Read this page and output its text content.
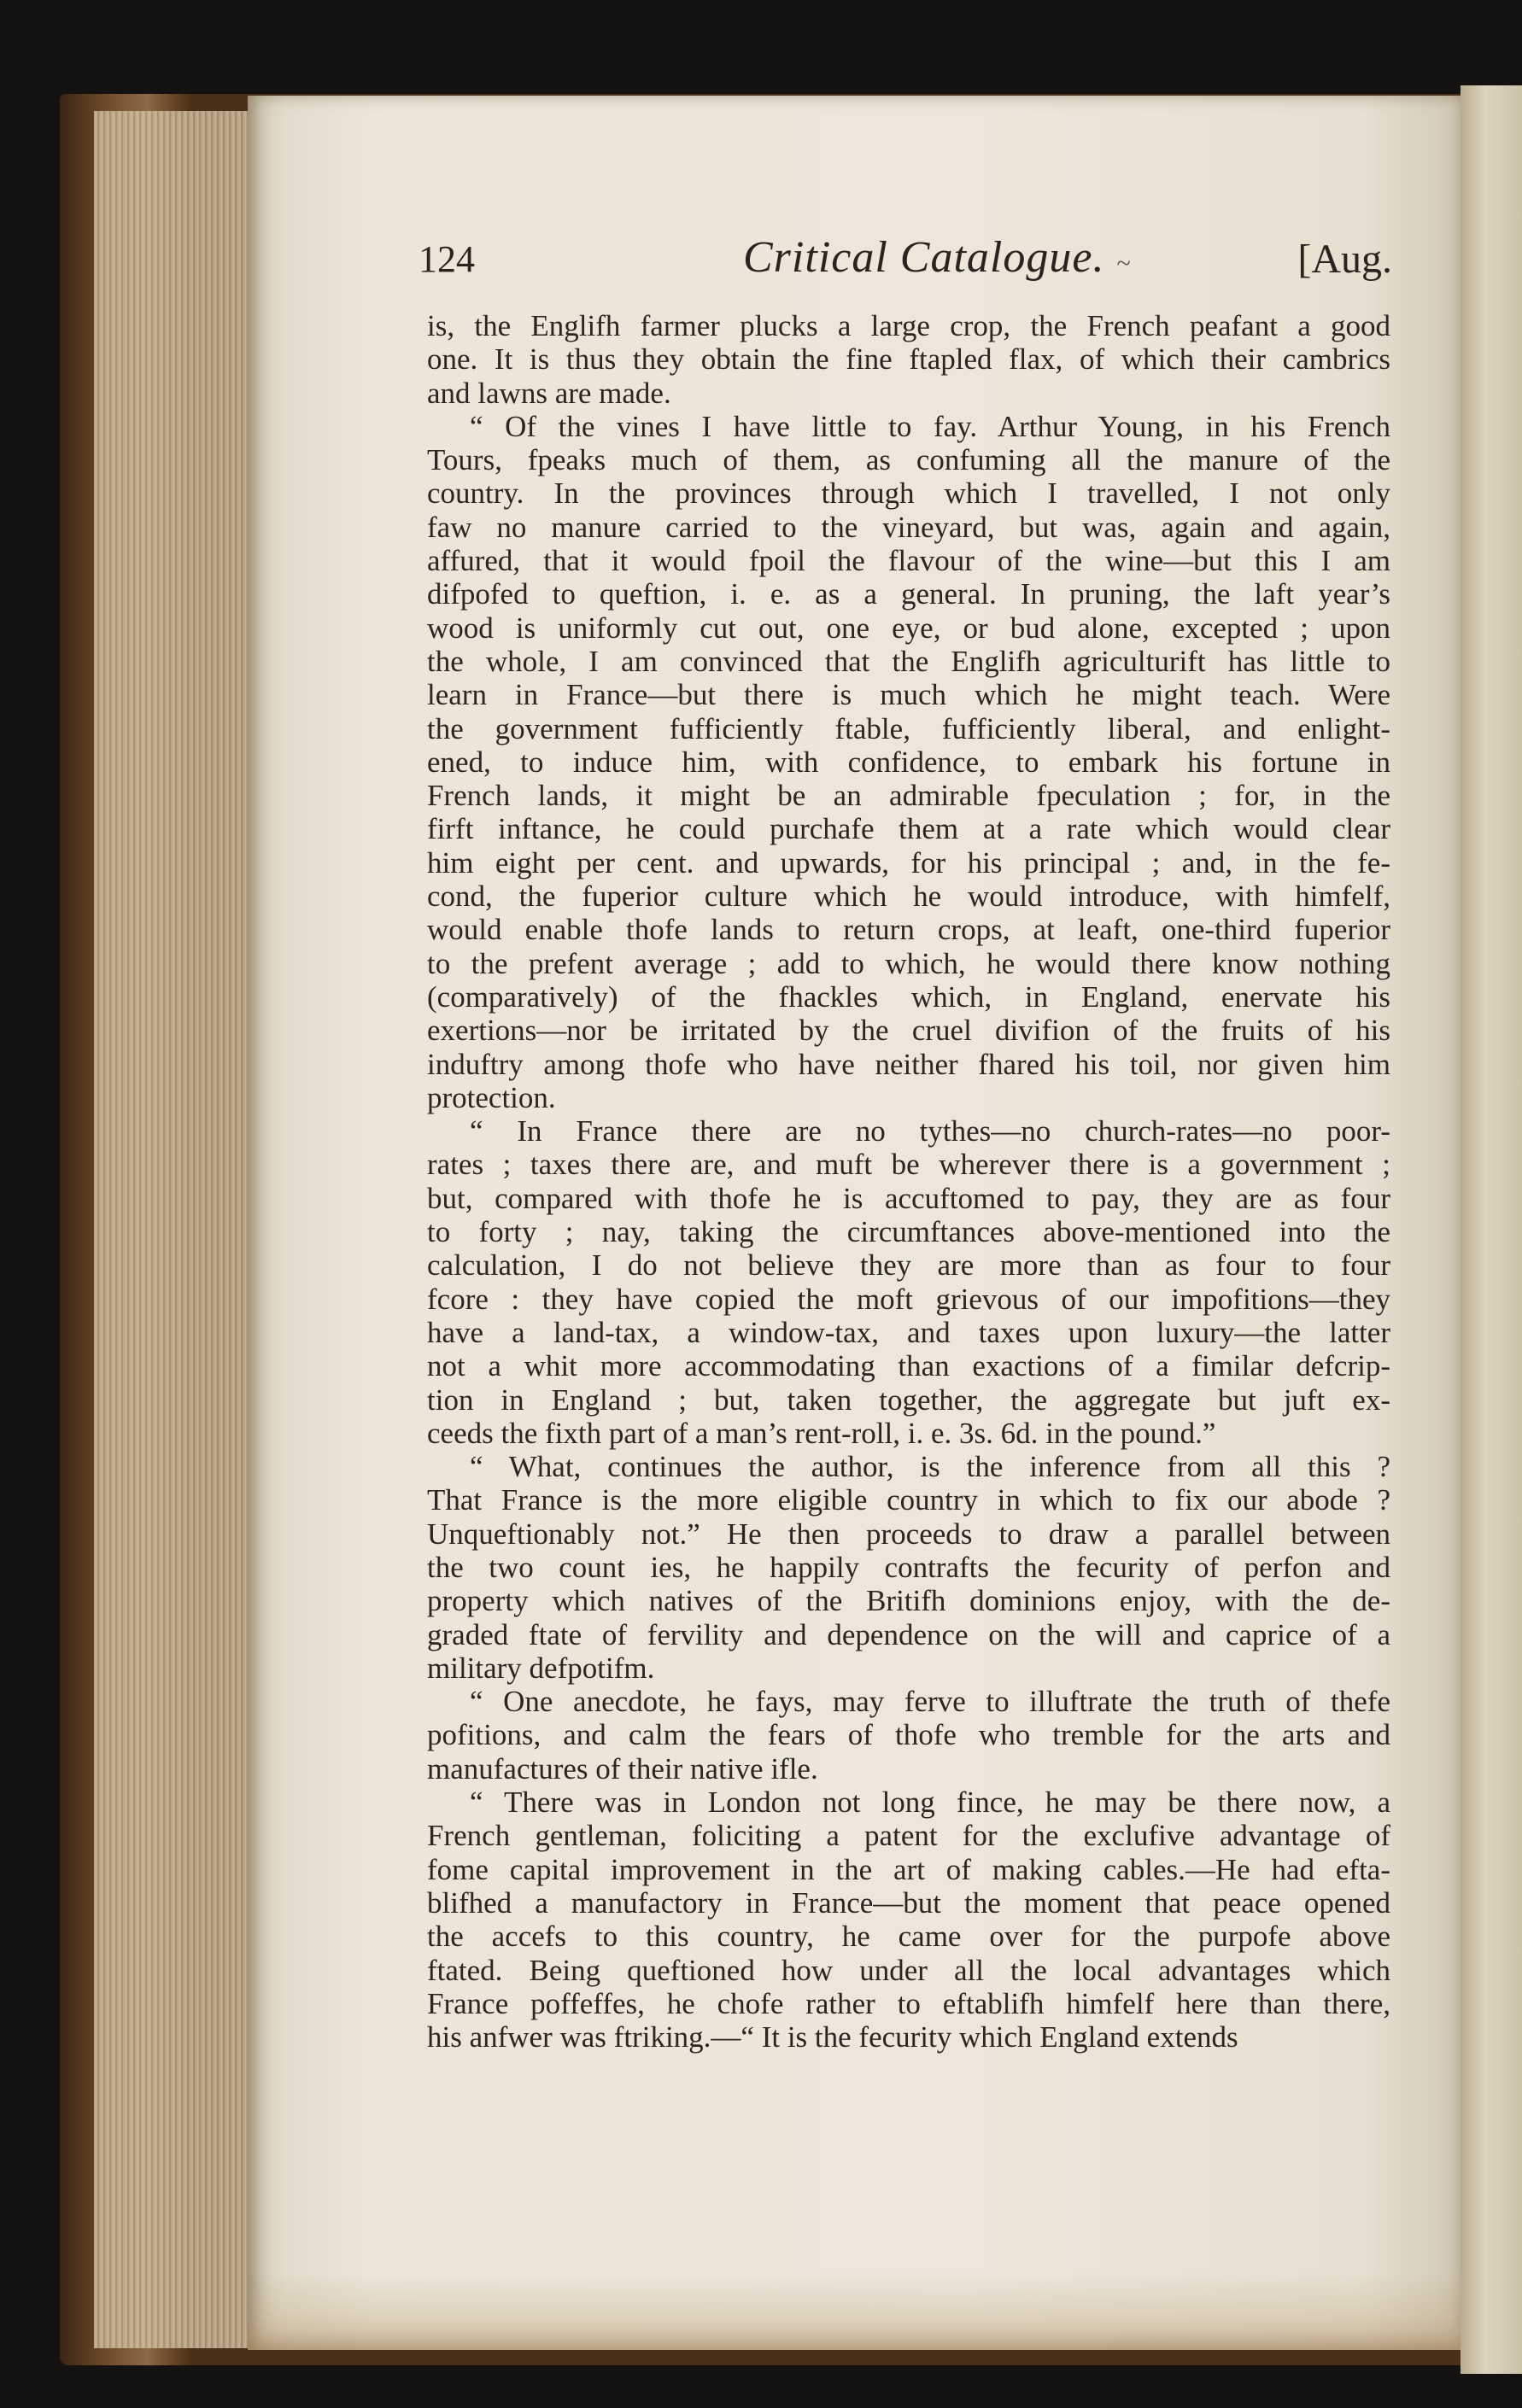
124	Critical Catalogue. ~	[Aug.
is, the Englifh farmer plucks a large crop, the French peafant a good
one. It is thus they obtain the fine ftapled flax, of which their cambrics
and lawns are made.
“ Of the vines I have little to fay. Arthur Young, in his French
Tours, fpeaks much of them, as confuming all the manure of the
country. In the provinces through which I travelled, I not only
faw no manure carried to the vineyard, but was, again and again,
affured, that it would fpoil the flavour of the wine—but this I am
difpofed to queftion, i. e. as a general. In pruning, the laft year’s
wood is uniformly cut out, one eye, or bud alone, excepted ; upon
the whole, I am convinced that the Englifh agriculturift has little to
learn in France—but there is much which he might teach. Were
the government fufficiently ftable, fufficiently liberal, and enlight-
ened, to induce him, with confidence, to embark his fortune in
French lands, it might be an admirable fpeculation ; for, in the
firft inftance, he could purchafe them at a rate which would clear
him eight per cent. and upwards, for his principal ; and, in the fe-
cond, the fuperior culture which he would introduce, with himfelf,
would enable thofe lands to return crops, at leaft, one-third fuperior
to the prefent average ; add to which, he would there know nothing
(comparatively) of the fhackles which, in England, enervate his
exertions—nor be irritated by the cruel divifion of the fruits of his
induftry among thofe who have neither fhared his toil, nor given him
protection.
“ In France there are no tythes—no church-rates—no poor-
rates ; taxes there are, and muft be wherever there is a government ;
but, compared with thofe he is accuftomed to pay, they are as four
to forty ; nay, taking the circumftances above-mentioned into the
calculation, I do not believe they are more than as four to four
fcore : they have copied the moft grievous of our impofitions—they
have a land-tax, a window-tax, and taxes upon luxury—the latter
not a whit more accommodating than exactions of a fimilar defcrip-
tion in England ; but, taken together, the aggregate but juft ex-
ceeds the fixth part of a man’s rent-roll, i. e. 3s. 6d. in the pound.”
“ What, continues the author, is the inference from all this ?
That France is the more eligible country in which to fix our abode ?
Unqueftionably not.” He then proceeds to draw a parallel between
the two count ies, he happily contrafts the fecurity of perfon and
property which natives of the Britifh dominions enjoy, with the de-
graded ftate of fervility and dependence on the will and caprice of a
military defpotifm.
“ One anecdote, he fays, may ferve to illuftrate the truth of thefe
pofitions, and calm the fears of thofe who tremble for the arts and
manufactures of their native ifle.
“ There was in London not long fince, he may be there now, a
French gentleman, foliciting a patent for the exclufive advantage of
fome capital improvement in the art of making cables.—He had efta-
blifhed a manufactory in France—but the moment that peace opened
the accefs to this country, he came over for the purpofe above
ftated. Being queftioned how under all the local advantages which
France poffeffes, he chofe rather to eftablifh himfelf here than there,
his anfwer was ftriking.—“ It is the fecurity which England extends
